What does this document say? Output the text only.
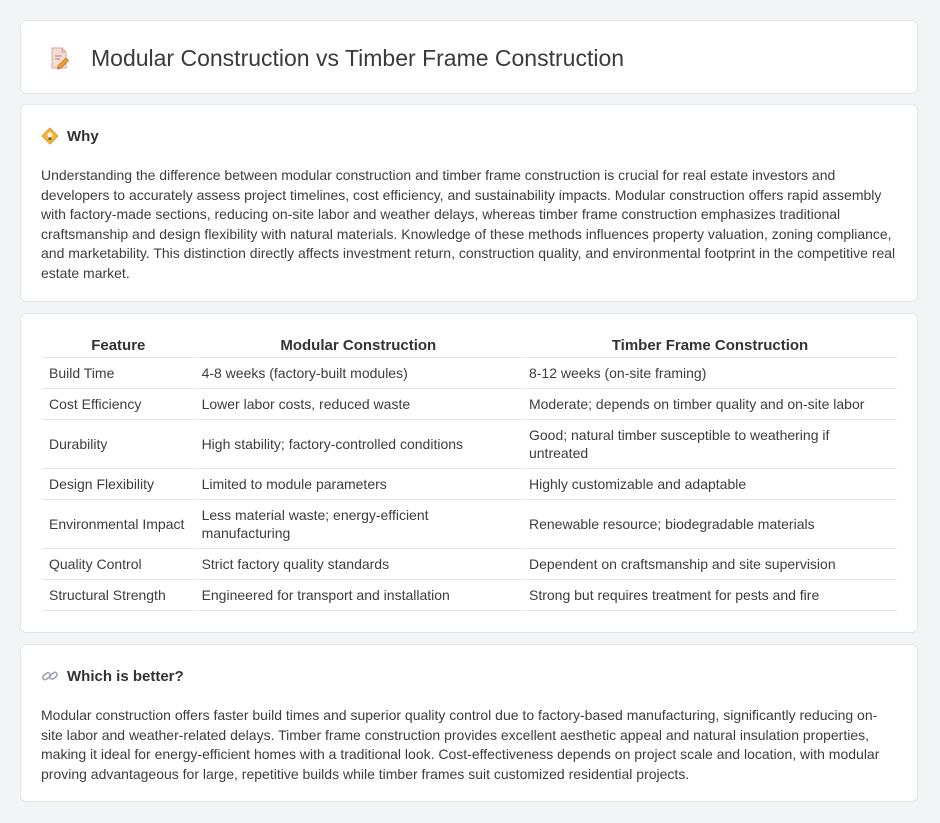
Modular Construction vs Timber Frame Construction
Why

Understanding the difference between modular construction and timber frame construction is crucial for real estate investors and developers to accurately assess project timelines, cost efficiency, and sustainability impacts. Modular construction offers rapid assembly with factory-made sections, reducing on-site labor and weather delays, whereas timber frame construction emphasizes traditional craftsmanship and design flexibility with natural materials. Knowledge of these methods influences property valuation, zoning compliance, and marketability. This distinction directly affects investment return, construction quality, and environmental footprint in the competitive real estate market.

Feature	Modular Construction	Timber Frame Construction
Build Time	4-8 weeks (factory-built modules)	8-12 weeks (on-site framing)
Cost Efficiency	Lower labor costs, reduced waste	Moderate; depends on timber quality and on-site labor
Durability	High stability; factory-controlled conditions	Good; natural timber susceptible to weathering if untreated
Design Flexibility	Limited to module parameters	Highly customizable and adaptable
Environmental Impact	Less material waste; energy-efficient manufacturing	Renewable resource; biodegradable materials
Quality Control	Strict factory quality standards	Dependent on craftsmanship and site supervision
Structural Strength	Engineered for transport and installation	Strong but requires treatment for pests and fire
Which is better?

Modular construction offers faster build times and superior quality control due to factory-based manufacturing, significantly reducing on-site labor and weather-related delays. Timber frame construction provides excellent aesthetic appeal and natural insulation properties, making it ideal for energy-efficient homes with a traditional look. Cost-effectiveness depends on project scale and location, with modular proving advantageous for large, repetitive builds while timber frames suit customized residential projects.
